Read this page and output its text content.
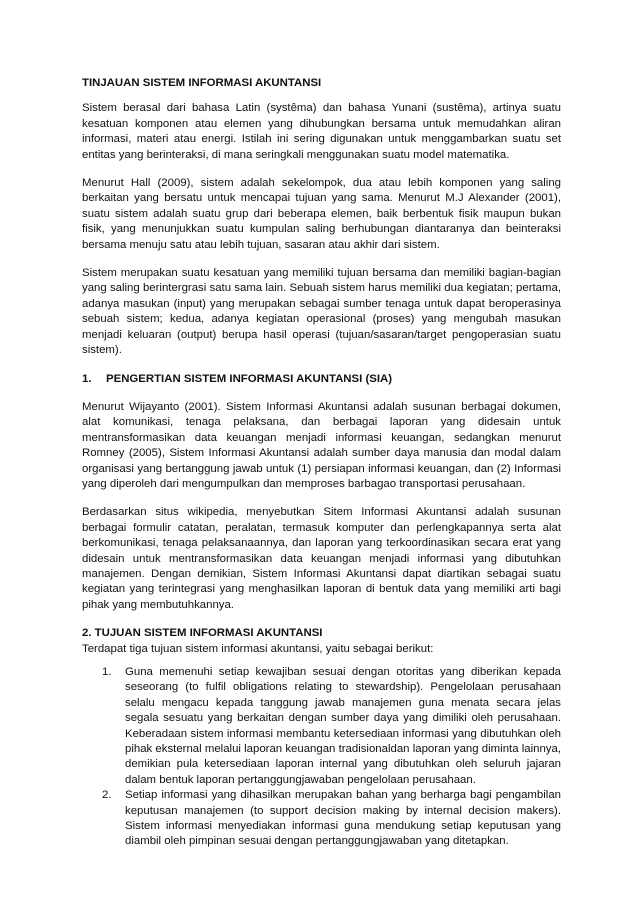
TINJAUAN SISTEM INFORMASI AKUNTANSI

Sistem berasal dari bahasa Latin (systêma) dan bahasa Yunani (sustêma), artinya suatu kesatuan komponen atau elemen yang dihubungkan bersama untuk memudahkan aliran informasi, materi atau energi. Istilah ini sering digunakan untuk menggambarkan suatu set entitas yang berinteraksi, di mana seringkali menggunakan suatu model matematika.

Menurut Hall (2009), sistem adalah sekelompok, dua atau lebih komponen yang saling berkaitan yang bersatu untuk mencapai tujuan yang sama. Menurut M.J Alexander (2001), suatu sistem adalah suatu grup dari beberapa elemen, baik berbentuk fisik maupun bukan fisik, yang menunjukkan suatu kumpulan saling berhubungan diantaranya dan beinteraksi bersama menuju satu atau lebih tujuan, sasaran atau akhir dari sistem.

Sistem merupakan suatu kesatuan yang memiliki tujuan bersama dan memiliki bagian-bagian yang saling berintergrasi satu sama lain. Sebuah sistem harus memiliki dua kegiatan; pertama, adanya masukan (input) yang merupakan sebagai sumber tenaga untuk dapat beroperasinya sebuah sistem; kedua, adanya kegiatan operasional (proses) yang mengubah masukan menjadi keluaran (output) berupa hasil operasi (tujuan/sasaran/target pengoperasian suatu sistem).

1.	PENGERTIAN SISTEM INFORMASI AKUNTANSI (SIA)

Menurut Wijayanto (2001). Sistem Informasi Akuntansi adalah susunan berbagai dokumen, alat komunikasi, tenaga pelaksana, dan berbagai laporan yang didesain untuk mentransformasikan data keuangan menjadi informasi keuangan, sedangkan menurut Romney (2005), Sistem Informasi Akuntansi adalah sumber daya manusia dan modal dalam organisasi yang bertanggung jawab untuk (1) persiapan informasi keuangan, dan (2) Informasi yang diperoleh dari mengumpulkan dan memproses barbagao transportasi perusahaan.

Berdasarkan situs wikipedia, menyebutkan Sitem Informasi Akuntansi adalah susunan berbagai formulir catatan, peralatan, termasuk komputer dan perlengkapannya serta alat berkomunikasi, tenaga pelaksanaannya, dan laporan yang terkoordinasikan secara erat yang didesain untuk mentransformasikan data keuangan menjadi informasi yang dibutuhkan manajemen. Dengan demikian, Sistem Informasi Akuntansi dapat diartikan sebagai suatu kegiatan yang terintegrasi yang menghasilkan laporan di bentuk data yang memiliki arti bagi pihak yang membutuhkannya.

2. TUJUAN SISTEM INFORMASI AKUNTANSI
Terdapat tiga tujuan sistem informasi akuntansi, yaitu sebagai berikut:
1. Guna memenuhi setiap kewajiban sesuai dengan otoritas yang diberikan kepada seseorang (to fulfil obligations relating to stewardship). Pengelolaan perusahaan selalu mengacu kepada tanggung jawab manajemen guna menata secara jelas segala sesuatu yang berkaitan dengan sumber daya yang dimiliki oleh perusahaan. Keberadaan sistem informasi membantu ketersediaan informasi yang dibutuhkan oleh pihak eksternal melalui laporan keuangan tradisionaldan laporan yang diminta lainnya, demikian pula ketersediaan laporan internal yang dibutuhkan oleh seluruh jajaran dalam bentuk laporan pertanggungjawaban pengelolaan perusahaan.
2. Setiap informasi yang dihasilkan merupakan bahan yang berharga bagi pengambilan keputusan manajemen (to support decision making by internal decision makers). Sistem informasi menyediakan informasi guna mendukung setiap keputusan yang diambil oleh pimpinan sesuai dengan pertanggungjawaban yang ditetapkan.
